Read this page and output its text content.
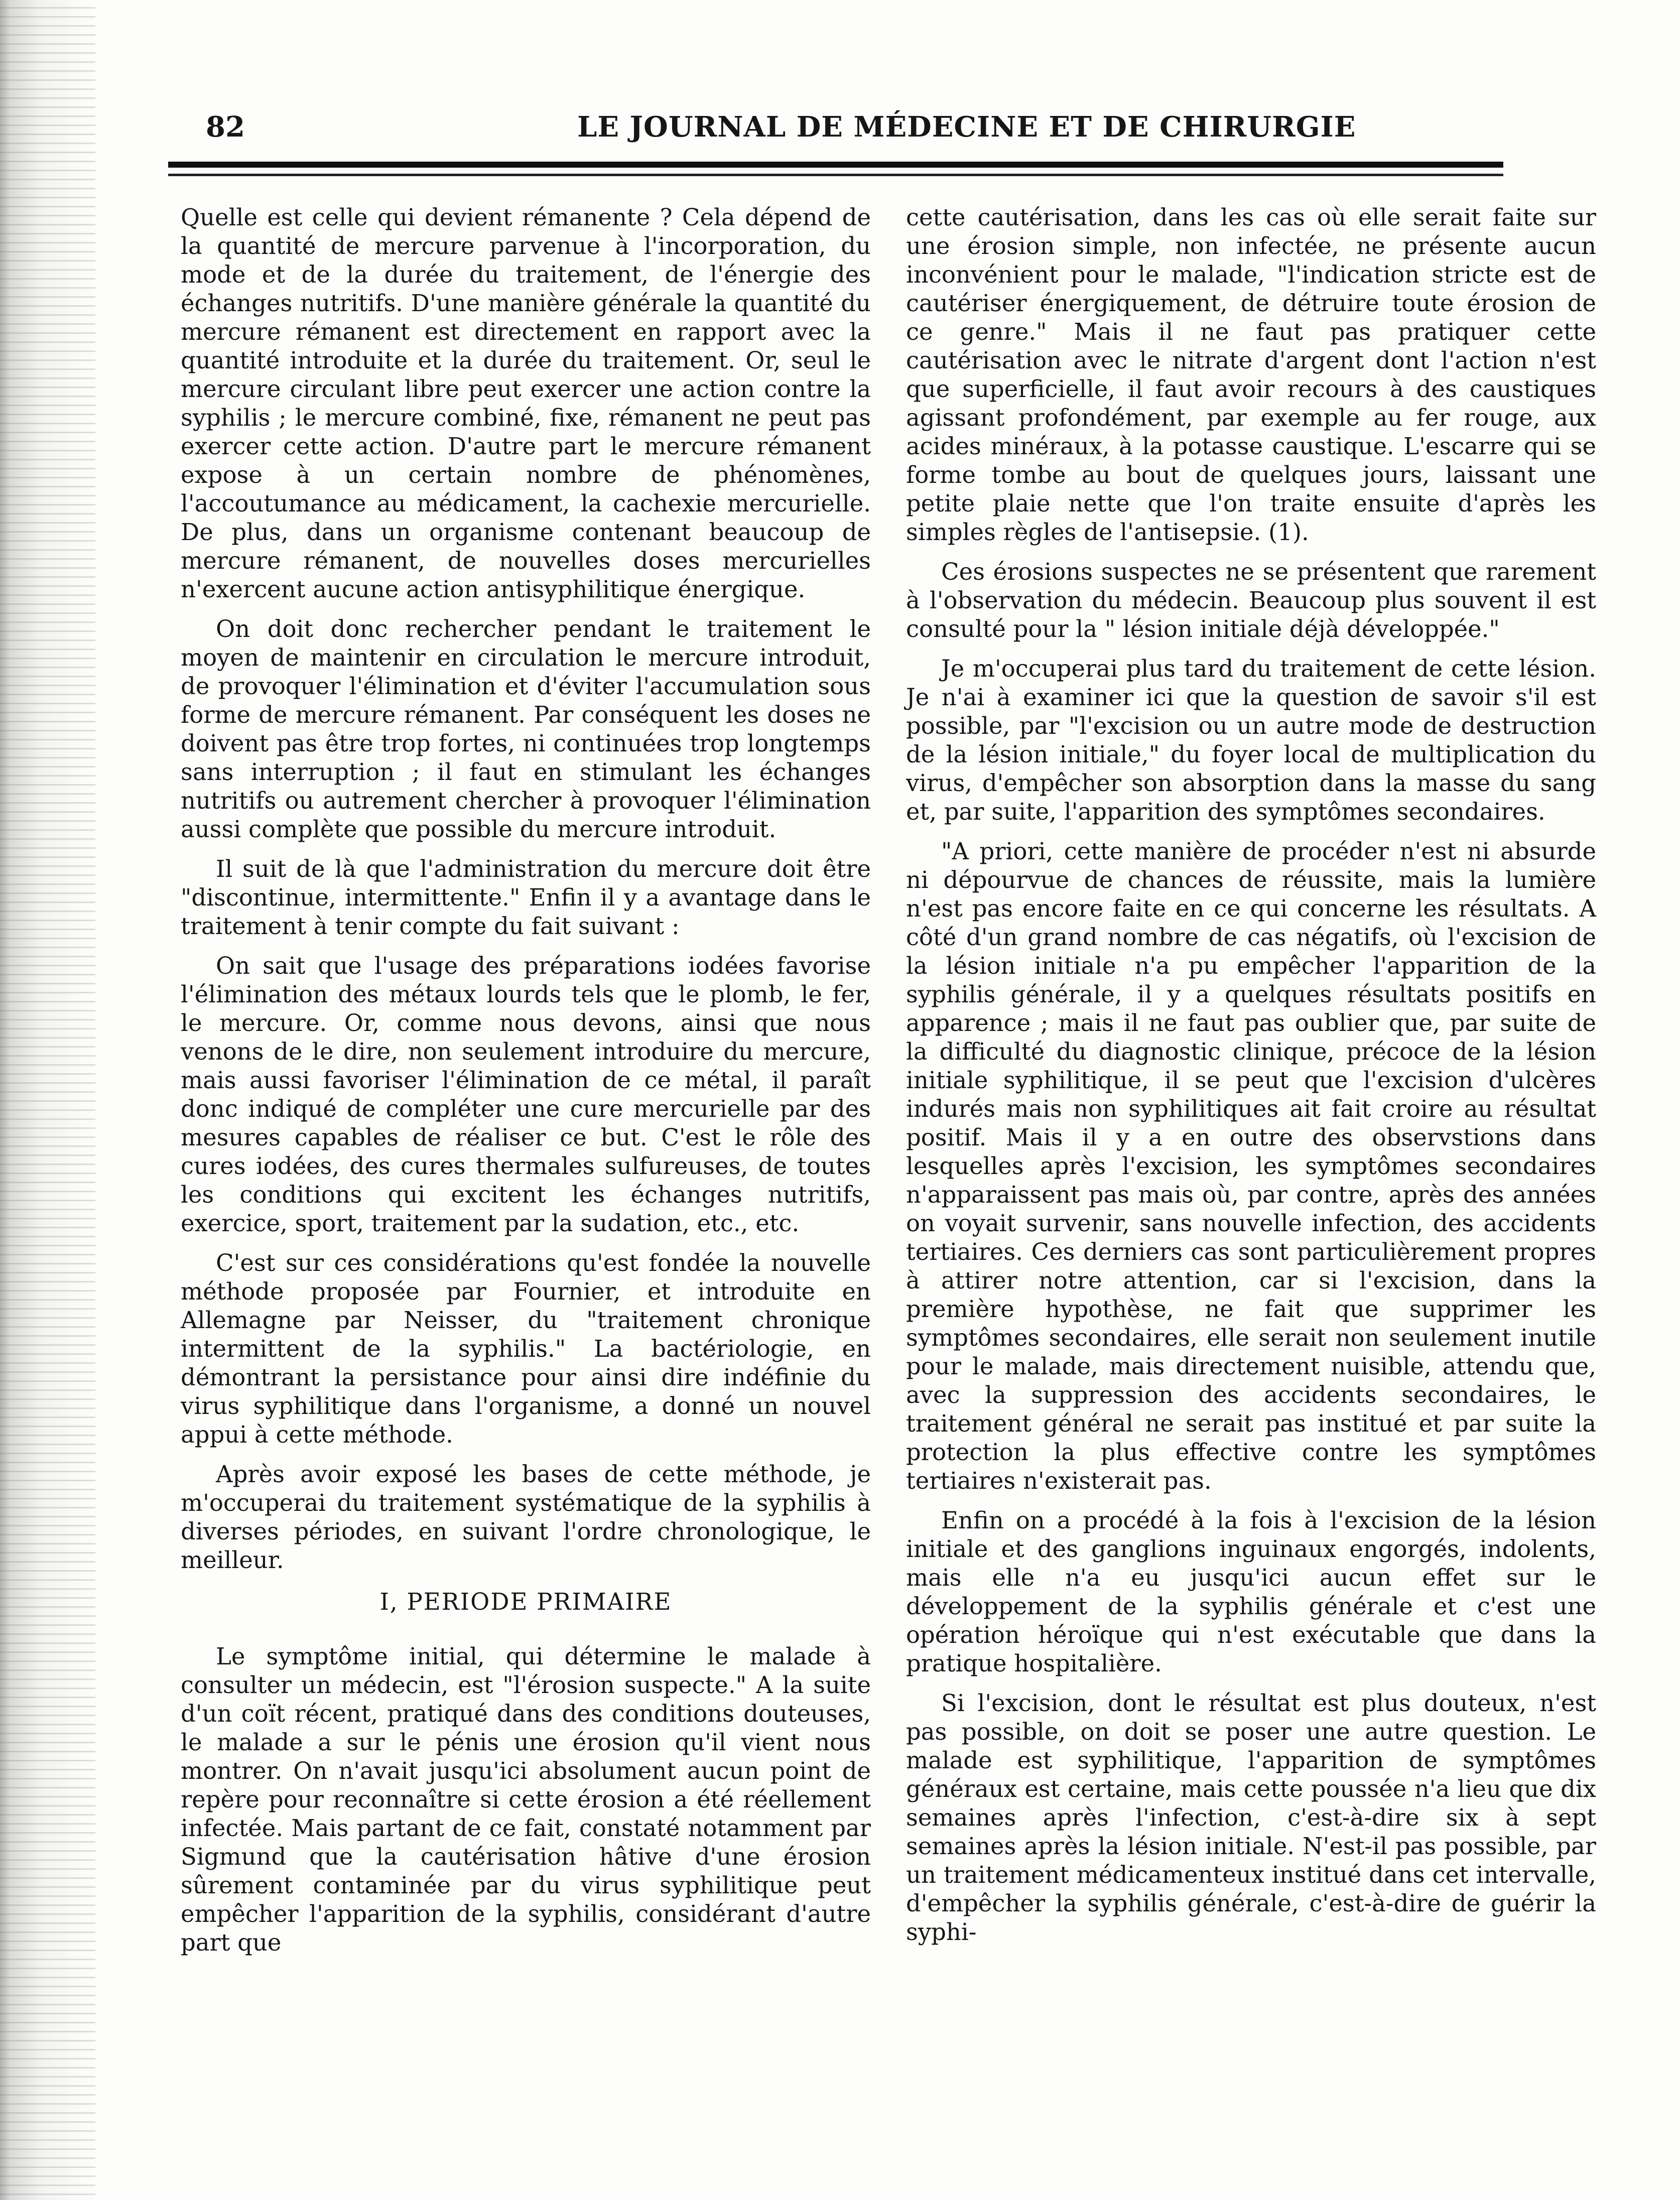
82	LE JOURNAL DE MÉDECINE ET DE CHIRURGIE

Quelle est celle qui devient rémanente ? Cela dépend de la quantité de mercure parvenue à l'incorporation, du mode et de la durée du traitement, de l'énergie des échanges nutritifs. D'une manière générale la quantité du mercure rémanent est directement en rapport avec la quantité introduite et la durée du traitement. Or, seul le mercure circulant libre peut exercer une action contre la syphilis ; le mercure combiné, fixe, rémanent ne peut pas exercer cette action. D'autre part le mercure rémanent expose à un certain nombre de phénomènes, l'accoutumance au médicament, la cachexie mercurielle. De plus, dans un organisme contenant beaucoup de mercure rémanent, de nouvelles doses mercurielles n'exercent aucune action antisyphilitique énergique.

On doit donc rechercher pendant le traitement le moyen de maintenir en circulation le mercure introduit, de provoquer l'élimination et d'éviter l'accumulation sous forme de mercure rémanent. Par conséquent les doses ne doivent pas être trop fortes, ni continuées trop longtemps sans interruption ; il faut en stimulant les échanges nutritifs ou autrement chercher à provoquer l'élimination aussi complète que possible du mercure introduit.

Il suit de là que l'administration du mercure doit être "discontinue, intermittente." Enfin il y a avantage dans le traitement à tenir compte du fait suivant :

On sait que l'usage des préparations iodées favorise l'élimination des métaux lourds tels que le plomb, le fer, le mercure. Or, comme nous devons, ainsi que nous venons de le dire, non seulement introduire du mercure, mais aussi favoriser l'élimination de ce métal, il paraît donc indiqué de compléter une cure mercurielle par des mesures capables de réaliser ce but. C'est le rôle des cures iodées, des cures thermales sulfureuses, de toutes les conditions qui excitent les échanges nutritifs, exercice, sport, traitement par la sudation, etc., etc.

C'est sur ces considérations qu'est fondée la nouvelle méthode proposée par Fournier, et introduite en Allemagne par Neisser, du "traitement chronique intermittent de la syphilis." La bactériologie, en démontrant la persistance pour ainsi dire indéfinie du virus syphilitique dans l'organisme, a donné un nouvel appui à cette méthode.

Après avoir exposé les bases de cette méthode, je m'occuperai du traitement systématique de la syphilis à diverses périodes, en suivant l'ordre chronologique, le meilleur.

I, PERIODE PRIMAIRE

Le symptôme initial, qui détermine le malade à consulter un médecin, est "l'érosion suspecte." A la suite d'un coït récent, pratiqué dans des conditions douteuses, le malade a sur le pénis une érosion qu'il vient nous montrer. On n'avait jusqu'ici absolument aucun point de repère pour reconnaître si cette érosion a été réellement infectée. Mais partant de ce fait, constaté notamment par Sigmund que la cautérisation hâtive d'une érosion sûrement contaminée par du virus syphilitique peut empêcher l'apparition de la syphilis, considérant d'autre part que

cette cautérisation, dans les cas où elle serait faite sur une érosion simple, non infectée, ne présente aucun inconvénient pour le malade, "l'indication stricte est de cautériser énergiquement, de détruire toute érosion de ce genre." Mais il ne faut pas pratiquer cette cautérisation avec le nitrate d'argent dont l'action n'est que superficielle, il faut avoir recours à des caustiques agissant profondément, par exemple au fer rouge, aux acides minéraux, à la potasse caustique. L'escarre qui se forme tombe au bout de quelques jours, laissant une petite plaie nette que l'on traite ensuite d'après les simples règles de l'antisepsie. (1).

Ces érosions suspectes ne se présentent que rarement à l'observation du médecin. Beaucoup plus souvent il est consulté pour la " lésion initiale déjà développée."

Je m'occuperai plus tard du traitement de cette lésion. Je n'ai à examiner ici que la question de savoir s'il est possible, par "l'excision ou un autre mode de destruction de la lésion initiale," du foyer local de multiplication du virus, d'empêcher son absorption dans la masse du sang et, par suite, l'apparition des symptômes secondaires.

"A priori, cette manière de procéder n'est ni absurde ni dépourvue de chances de réussite, mais la lumière n'est pas encore faite en ce qui concerne les résultats. A côté d'un grand nombre de cas négatifs, où l'excision de la lésion initiale n'a pu empêcher l'apparition de la syphilis générale, il y a quelques résultats positifs en apparence ; mais il ne faut pas oublier que, par suite de la difficulté du diagnostic clinique, précoce de la lésion initiale syphilitique, il se peut que l'excision d'ulcères indurés mais non syphilitiques ait fait croire au résultat positif. Mais il y a en outre des observstions dans lesquelles après l'excision, les symptômes secondaires n'apparaissent pas mais où, par contre, après des années on voyait survenir, sans nouvelle infection, des accidents tertiaires. Ces derniers cas sont particulièrement propres à attirer notre attention, car si l'excision, dans la première hypothèse, ne fait que supprimer les symptômes secondaires, elle serait non seulement inutile pour le malade, mais directement nuisible, attendu que, avec la suppression des accidents secondaires, le traitement général ne serait pas institué et par suite la protection la plus effective contre les symptômes tertiaires n'existerait pas.

Enfin on a procédé à la fois à l'excision de la lésion initiale et des ganglions inguinaux engorgés, indolents, mais elle n'a eu jusqu'ici aucun effet sur le développement de la syphilis générale et c'est une opération héroïque qui n'est exécutable que dans la pratique hospitalière.

Si l'excision, dont le résultat est plus douteux, n'est pas possible, on doit se poser une autre question. Le malade est syphilitique, l'apparition de symptômes généraux est certaine, mais cette poussée n'a lieu que dix semaines après l'infection, c'est-à-dire six à sept semaines après la lésion initiale. N'est-il pas possible, par un traitement médicamenteux institué dans cet intervalle, d'empêcher la syphilis générale, c'est-à-dire de guérir la syphi-
